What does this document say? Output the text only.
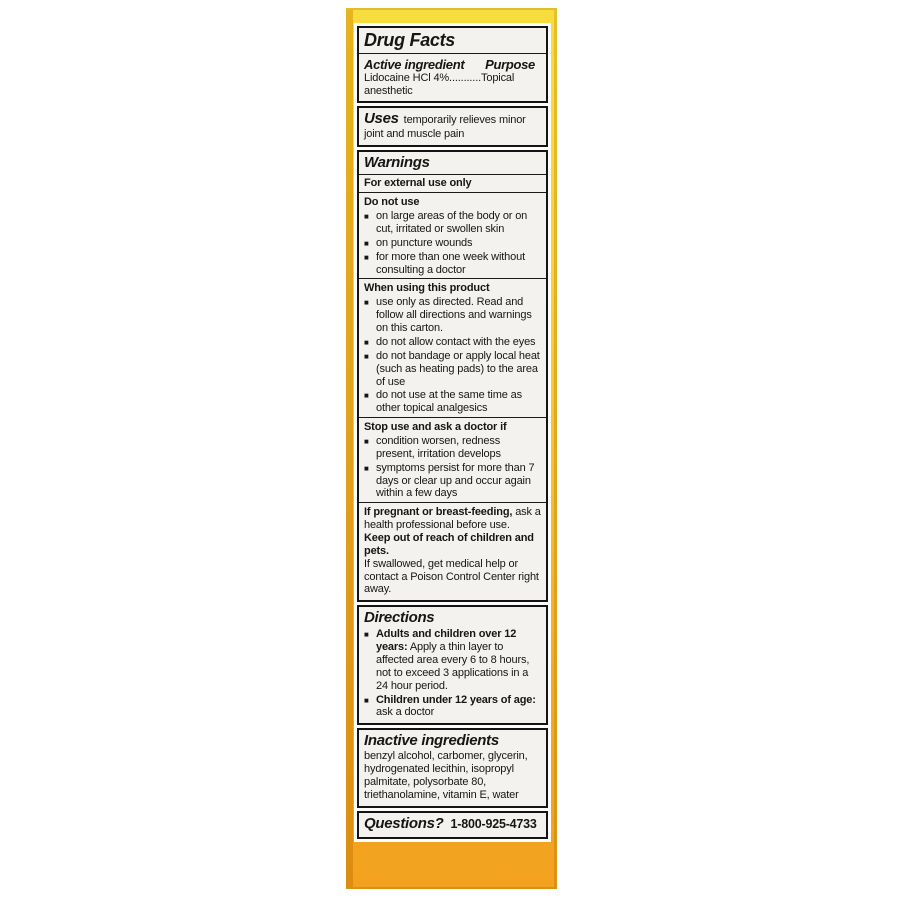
Drug Facts
Active ingredient Purpose
Lidocaine HCl 4%...........Topical anesthetic
Uses temporarily relieves minor joint and muscle pain
Warnings
For external use only
Do not use
■ on large areas of the body or on cut, irritated or swollen skin
■ on puncture wounds
■ for more than one week without consulting a doctor
When using this product
■ use only as directed. Read and follow all directions and warnings on this carton.
■ do not allow contact with the eyes
■ do not bandage or apply local heat (such as heating pads) to the area of use
■ do not use at the same time as other topical analgesics
Stop use and ask a doctor if
■ condition worsen, redness present, irritation develops
■ symptoms persist for more than 7 days or clear up and occur again within a few days
If pregnant or breast-feeding, ask a health professional before use.
Keep out of reach of children and pets.
If swallowed, get medical help or contact a Poison Control Center right away.
Directions
■ Adults and children over 12 years: Apply a thin layer to affected area every 6 to 8 hours, not to exceed 3 applications in a 24 hour period.
■ Children under 12 years of age: ask a doctor
Inactive ingredients
benzyl alcohol, carbomer, glycerin, hydrogenated lecithin, isopropyl palmitate, polysorbate 80, triethanolamine, vitamin E, water
Questions? 1-800-925-4733
